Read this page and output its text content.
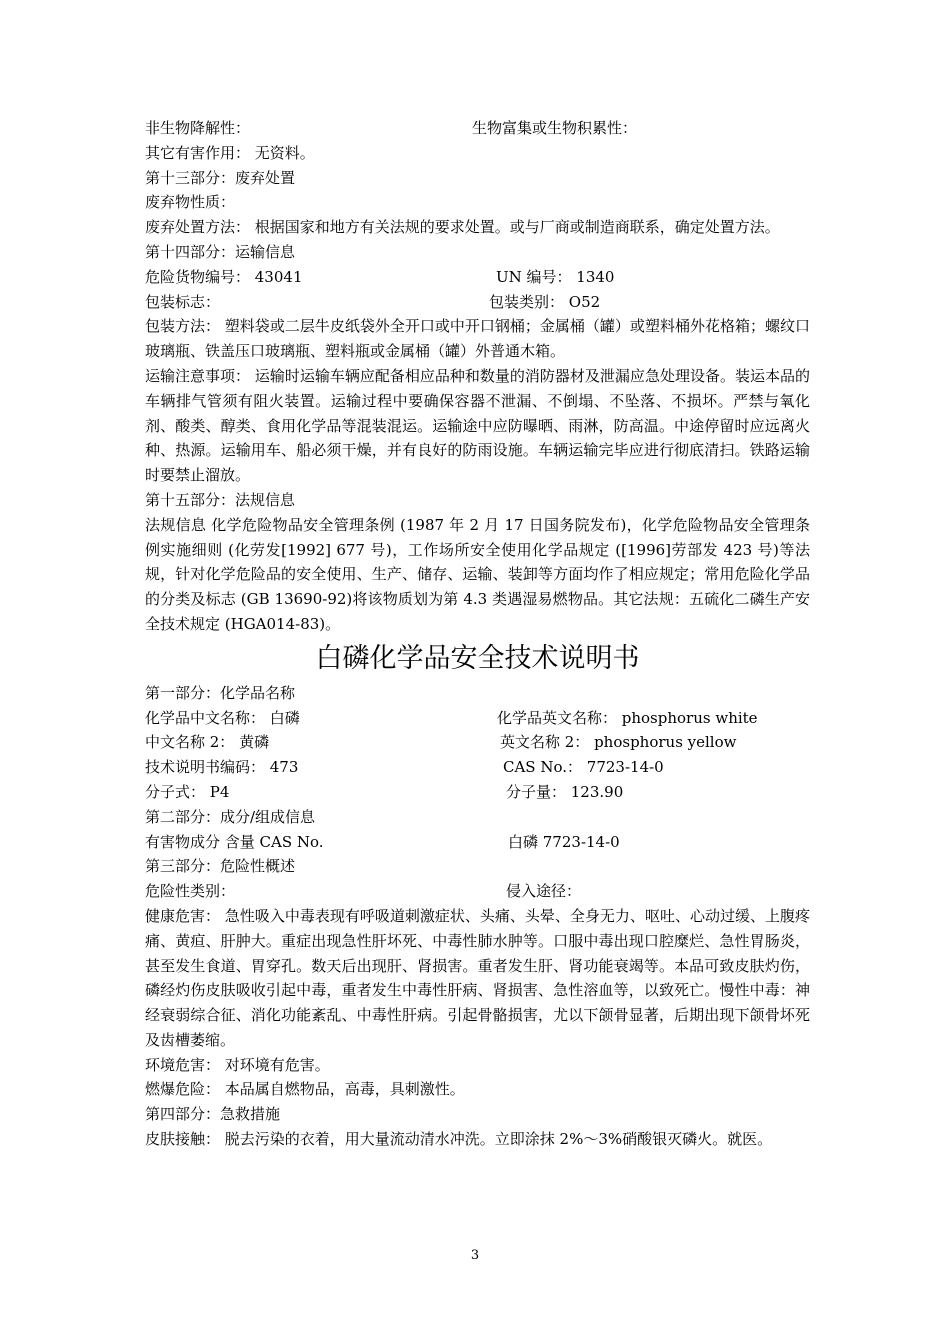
非生物降解性：	生物富集或生物积累性：
其它有害作用： 无资料。
第十三部分：废弃处置
废弃物性质：
废弃处置方法： 根据国家和地方有关法规的要求处置。或与厂商或制造商联系，确定处置方法。
第十四部分：运输信息
危险货物编号： 43041	UN 编号： 1340
包装标志：	包装类别： O52
包装方法： 塑料袋或二层牛皮纸袋外全开口或中开口钢桶；金属桶（罐）或塑料桶外花格箱；螺纹口玻璃瓶、铁盖压口玻璃瓶、塑料瓶或金属桶（罐）外普通木箱。
运输注意事项： 运输时运输车辆应配备相应品种和数量的消防器材及泄漏应急处理设备。装运本品的车辆排气管须有阻火装置。运输过程中要确保容器不泄漏、不倒塌、不坠落、不损坏。严禁与氧化剂、酸类、醇类、食用化学品等混装混运。运输途中应防曝晒、雨淋，防高温。中途停留时应远离火种、热源。运输用车、船必须干燥，并有良好的防雨设施。车辆运输完毕应进行彻底清扫。铁路运输时要禁止溜放。
第十五部分：法规信息
法规信息 化学危险物品安全管理条例 (1987 年 2 月 17 日国务院发布)，化学危险物品安全管理条例实施细则 (化劳发[1992] 677 号)，工作场所安全使用化学品规定 ([1996]劳部发 423 号)等法规，针对化学危险品的安全使用、生产、储存、运输、装卸等方面均作了相应规定；常用危险化学品的分类及标志 (GB 13690-92)将该物质划为第 4.3 类遇湿易燃物品。其它法规：五硫化二磷生产安全技术规定 (HGA014-83)。
白磷化学品安全技术说明书
第一部分：化学品名称
化学品中文名称： 白磷	化学品英文名称： phosphorus white
中文名称 2： 黄磷	英文名称 2： phosphorus yellow
技术说明书编码： 473	CAS No.： 7723-14-0
分子式： P4	分子量： 123.90
第二部分：成分/组成信息
有害物成分 含量 CAS No.	白磷 7723-14-0
第三部分：危险性概述
危险性类别：	侵入途径：
健康危害： 急性吸入中毒表现有呼吸道刺激症状、头痛、头晕、全身无力、呕吐、心动过缓、上腹疼痛、黄疸、肝肿大。重症出现急性肝坏死、中毒性肺水肿等。口服中毒出现口腔糜烂、急性胃肠炎，甚至发生食道、胃穿孔。数天后出现肝、肾损害。重者发生肝、肾功能衰竭等。本品可致皮肤灼伤，磷经灼伤皮肤吸收引起中毒，重者发生中毒性肝病、肾损害、急性溶血等，以致死亡。慢性中毒：神经衰弱综合征、消化功能紊乱、中毒性肝病。引起骨骼损害，尤以下颌骨显著，后期出现下颌骨坏死及齿槽萎缩。
环境危害： 对环境有危害。
燃爆危险： 本品属自燃物品，高毒，具刺激性。
第四部分：急救措施
皮肤接触： 脱去污染的衣着，用大量流动清水冲洗。立即涂抹 2%～3%硝酸银灭磷火。就医。
3
